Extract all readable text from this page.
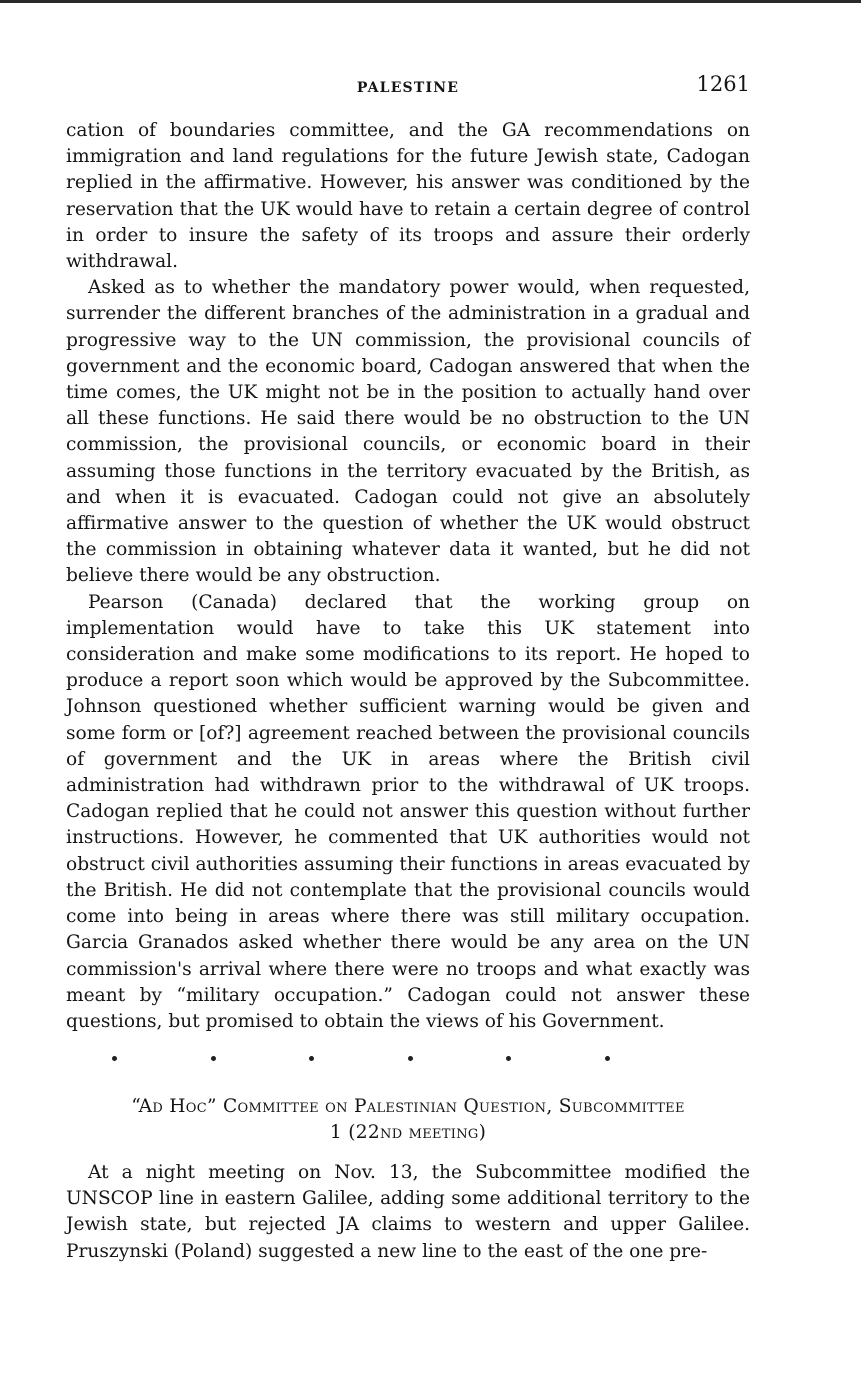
PALESTINE	1261

cation of boundaries committee, and the GA recommendations on immigration and land regulations for the future Jewish state, Cadogan replied in the affirmative. However, his answer was conditioned by the reservation that the UK would have to retain a certain degree of control in order to insure the safety of its troops and assure their orderly withdrawal.

Asked as to whether the mandatory power would, when requested, surrender the different branches of the administration in a gradual and progressive way to the UN commission, the provisional councils of government and the economic board, Cadogan answered that when the time comes, the UK might not be in the position to actually hand over all these functions. He said there would be no obstruction to the UN commission, the provisional councils, or economic board in their assuming those functions in the territory evacuated by the British, as and when it is evacuated. Cadogan could not give an absolutely affirmative answer to the question of whether the UK would obstruct the commission in obtaining whatever data it wanted, but he did not believe there would be any obstruction.

Pearson (Canada) declared that the working group on implementation would have to take this UK statement into consideration and make some modifications to its report. He hoped to produce a report soon which would be approved by the Subcommittee. Johnson questioned whether sufficient warning would be given and some form or [of?] agreement reached between the provisional councils of government and the UK in areas where the British civil administration had withdrawn prior to the withdrawal of UK troops. Cadogan replied that he could not answer this question without further instructions. However, he commented that UK authorities would not obstruct civil authorities assuming their functions in areas evacuated by the British. He did not contemplate that the provisional councils would come into being in areas where there was still military occupation. Garcia Granados asked whether there would be any area on the UN commission's arrival where there were no troops and what exactly was meant by “military occupation.” Cadogan could not answer these questions, but promised to obtain the views of his Government.

“Ad Hoc” Committee on Palestinian Question, Subcommittee
1 (22nd meeting)

At a night meeting on Nov. 13, the Subcommittee modified the UNSCOP line in eastern Galilee, adding some additional territory to the Jewish state, but rejected JA claims to western and upper Galilee. Pruszynski (Poland) suggested a new line to the east of the one pre-
